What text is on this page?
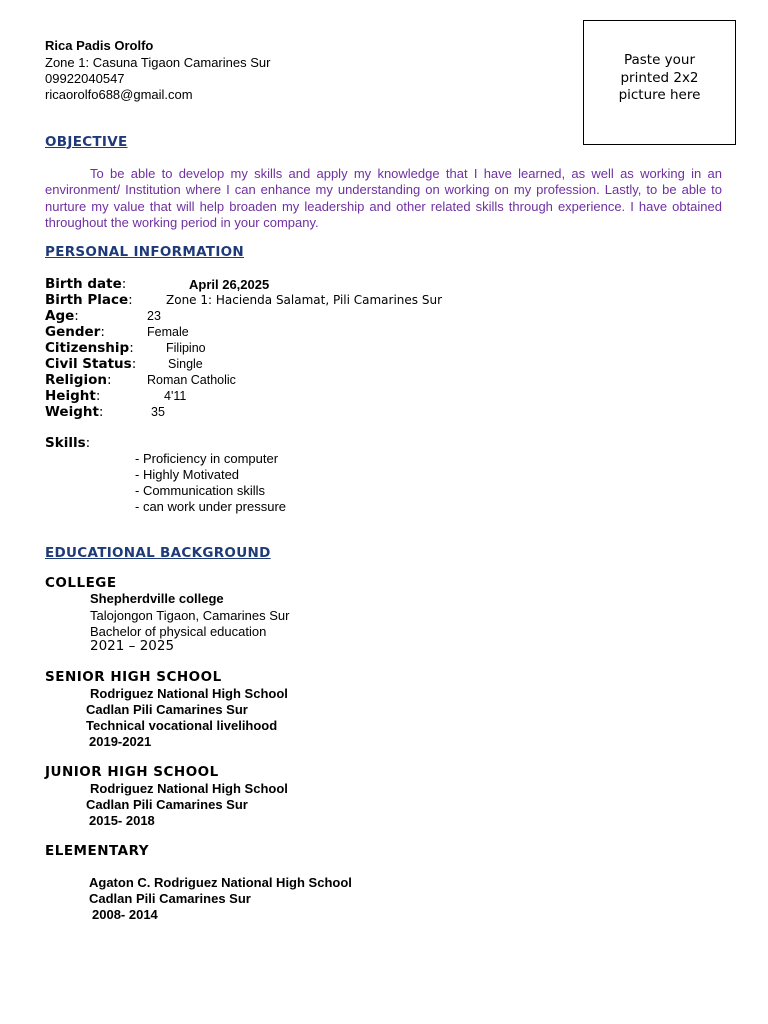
Rica Padis Orolfo
Zone 1: Casuna Tigaon Camarines Sur
09922040547
ricaorolfo688@gmail.com
Paste your
printed 2x2
picture here
OBJECTIVE
To be able to develop my skills and apply my knowledge that I have learned, as well as working in an environment/ Institution where I can enhance my understanding on working on my profession. Lastly, to be able to nurture my value that will help broaden my leadership and other related skills through experience. I have obtained throughout the working period in your company.
PERSONAL INFORMATION
Birth date:	April 26,2025
Birth Place:	Zone 1: Hacienda Salamat, Pili Camarines Sur
Age:	23
Gender:	Female
Citizenship:	Filipino
Civil Status:	Single
Religion:	Roman Catholic
Height:	4'11
Weight:	35
Skills:
- Proficiency in computer
- Highly Motivated
- Communication skills
- can work under pressure
EDUCATIONAL BACKGROUND
COLLEGE
Shepherdville college
Talojongon Tigaon, Camarines Sur
Bachelor of physical education
2021 – 2025
SENIOR HIGH SCHOOL
Rodriguez National High School
Cadlan Pili Camarines Sur
Technical vocational livelihood
2019-2021
JUNIOR HIGH SCHOOL
Rodriguez National High School
Cadlan Pili Camarines Sur
2015- 2018
ELEMENTARY
Agaton C. Rodriguez National High School
Cadlan Pili Camarines Sur
2008- 2014
